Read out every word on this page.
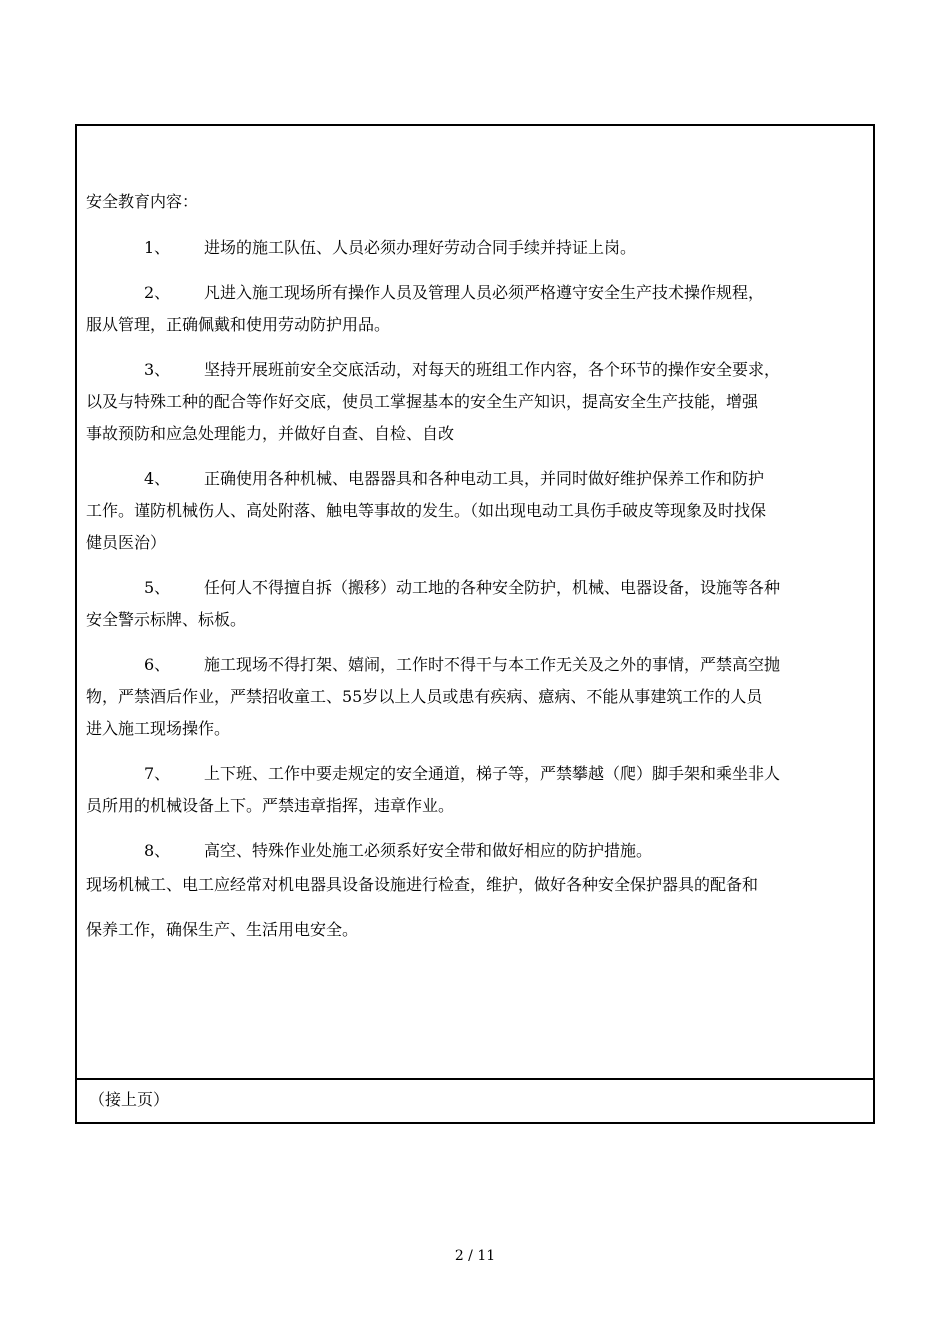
安全教育内容：

1、	进场的施工队伍、人员必须办理好劳动合同手续并持证上岗。
2、	凡进入施工现场所有操作人员及管理人员必须严格遵守安全生产技术操作规程，

服从管理，正确佩戴和使用劳动防护用品。

3、	坚持开展班前安全交底活动，对每天的班组工作内容，各个环节的操作安全要求，

以及与特殊工种的配合等作好交底，使员工掌握基本的安全生产知识，提高安全生产技能，增强

事故预防和应急处理能力，并做好自查、自检、自改

4、	正确使用各种机械、电器器具和各种电动工具，并同时做好维护保养工作和防护

工作。谨防机械伤人、高处附落、触电等事故的发生。（如出现电动工具伤手破皮等现象及时找保

健员医治）

5、	任何人不得擅自拆（搬移）动工地的各种安全防护，机械、电器设备，设施等各种

安全警示标牌、标板。

6、	施工现场不得打架、嬉闹，工作时不得干与本工作无关及之外的事情，严禁高空抛

物，严禁酒后作业，严禁招收童工、55岁以上人员或患有疾病、癔病、不能从事建筑工作的人员

进入施工现场操作。

7、	上下班、工作中要走规定的安全通道，梯子等，严禁攀越（爬）脚手架和乘坐非人

员所用的机械设备上下。严禁违章指挥，违章作业。

8、	高空、特殊作业处施工必须系好安全带和做好相应的防护措施。

现场机械工、电工应经常对机电器具设备设施进行检查，维护，做好各种安全保护器具的配备和

保养工作，确保生产、生活用电安全。

（接上页）
2 / 11
